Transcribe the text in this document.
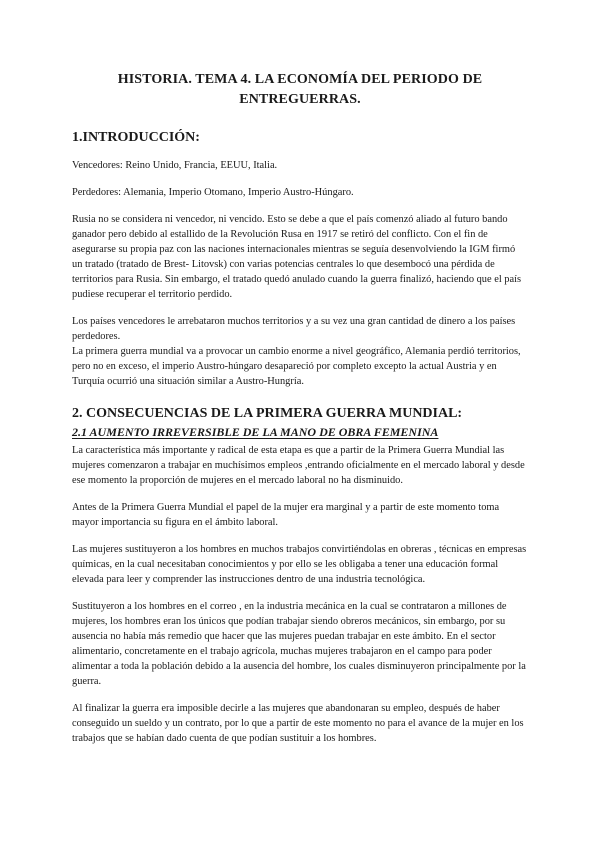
HISTORIA. TEMA 4. LA ECONOMÍA DEL PERIODO DE ENTREGUERRAS.
1.INTRODUCCIÓN:

Vencedores: Reino Unido, Francia, EEUU, Italia.

Perdedores: Alemania, Imperio Otomano, Imperio Austro-Húngaro.

Rusia no se considera ni vencedor, ni vencido. Esto se debe a que el país comenzó aliado al futuro bando ganador pero debido al estallido de la Revolución Rusa en 1917 se retiró del conflicto. Con el fin de asegurarse su propia paz con las naciones internacionales mientras se seguía desenvolviendo la IGM firmó un tratado (tratado de Brest- Litovsk) con varias potencias centrales lo que desembocó una pérdida de territorios para Rusia. Sin embargo, el tratado quedó anulado cuando la guerra finalizó, haciendo que el país pudiese recuperar el territorio perdido.

Los países vencedores le arrebataron muchos territorios y a su vez una gran cantidad de dinero a los países perdedores.

La primera guerra mundial va a provocar un cambio enorme a nivel geográfico, Alemania perdió territorios, pero no en exceso, el imperio Austro-húngaro desapareció por completo excepto la actual Austria y en Turquía ocurrió una situación similar a Austro-Hungría.

2. CONSECUENCIAS DE LA PRIMERA GUERRA MUNDIAL:
2.1 AUMENTO IRREVERSIBLE DE LA MANO DE OBRA FEMENINA

La característica más importante y radical de esta etapa es que a partir de la Primera Guerra Mundial las mujeres comenzaron a trabajar en muchísimos empleos ,entrando oficialmente en el mercado laboral y desde ese momento la proporción de mujeres en el mercado laboral no ha disminuido.

Antes de la Primera Guerra Mundial el papel de la mujer era marginal y a partir de este momento toma mayor importancia su figura en el ámbito laboral.

Las mujeres sustituyeron a los hombres en muchos trabajos convirtiéndolas en obreras , técnicas en empresas químicas, en la cual necesitaban conocimientos y por ello se les obligaba a tener una educación formal elevada para leer y comprender las instrucciones dentro de una industria tecnológica.

Sustituyeron a los hombres en el correo , en la industria mecánica en la cual se contrataron a millones de mujeres, los hombres eran los únicos que podían trabajar siendo obreros mecánicos, sin embargo, por su ausencia no había más remedio que hacer que las mujeres puedan trabajar en este ámbito. En el sector alimentario, concretamente en el trabajo agrícola, muchas mujeres trabajaron en el campo para poder alimentar a toda la población debido a la ausencia del hombre, los cuales disminuyeron principalmente por la guerra.

Al finalizar la guerra era imposible decirle a las mujeres que abandonaran su empleo, después de haber conseguido un sueldo y un contrato, por lo que a partir de este momento no para el avance de la mujer en los trabajos que se habían dado cuenta de que podían sustituir a los hombres.
